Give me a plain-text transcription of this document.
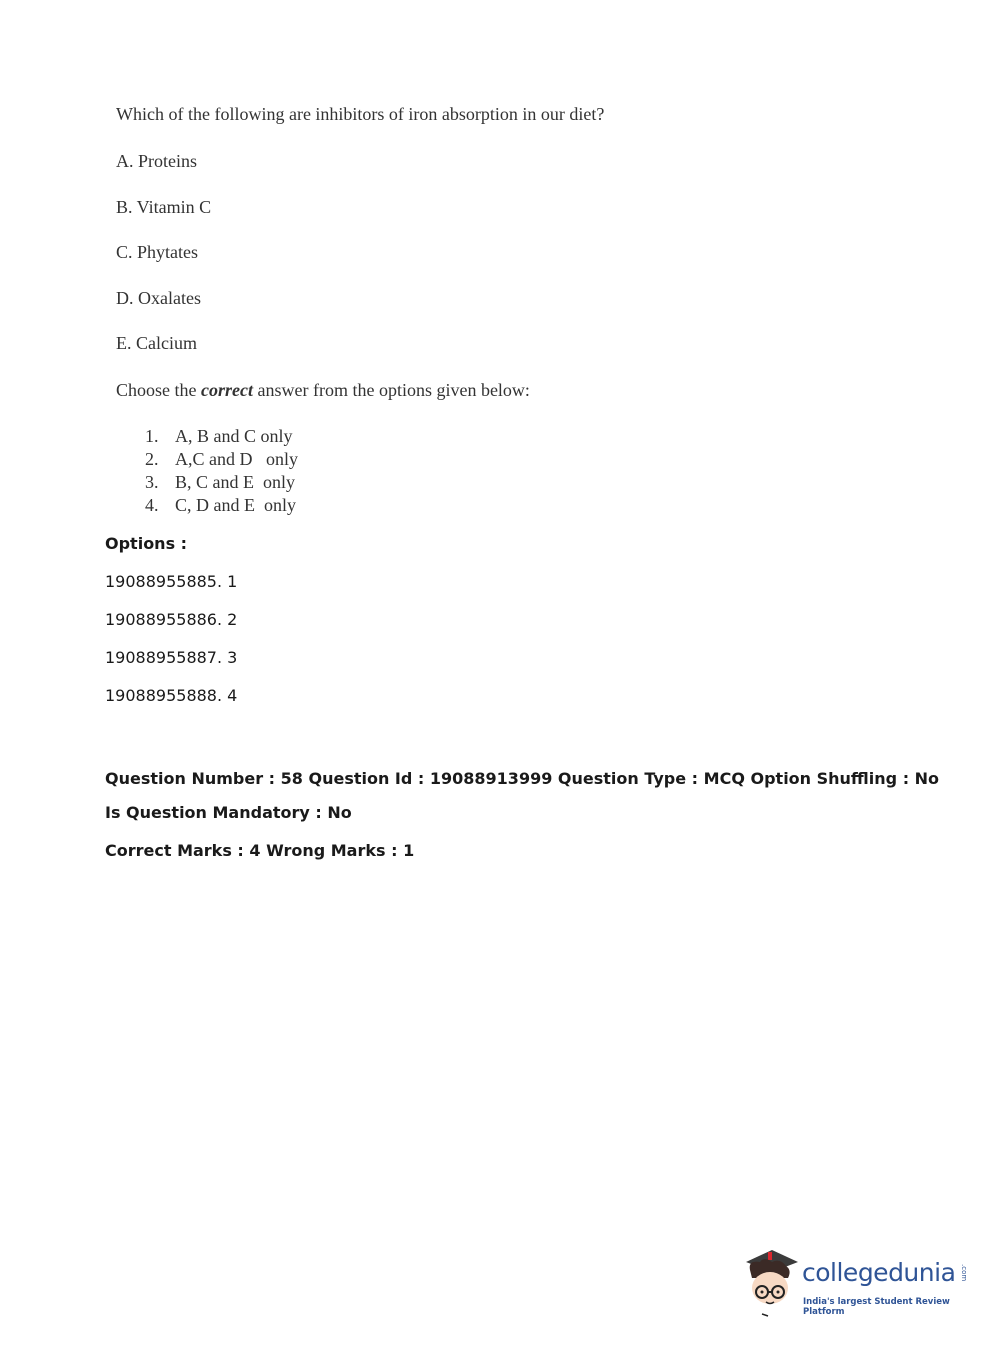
Which of the following are inhibitors of iron absorption in our diet?
A. Proteins
B. Vitamin C
C. Phytates
D. Oxalates
E. Calcium
Choose the correct answer from the options given below:
1. A, B and C only
2. A,C and D   only
3. B, C and E  only
4. C, D and E  only
Options :
19088955885. 1
19088955886. 2
19088955887. 3
19088955888. 4
Question Number : 58 Question Id : 19088913999 Question Type : MCQ Option Shuffling : No
Is Question Mandatory : No
Correct Marks : 4 Wrong Marks : 1
collegedunia .com
India's largest Student Review Platform
